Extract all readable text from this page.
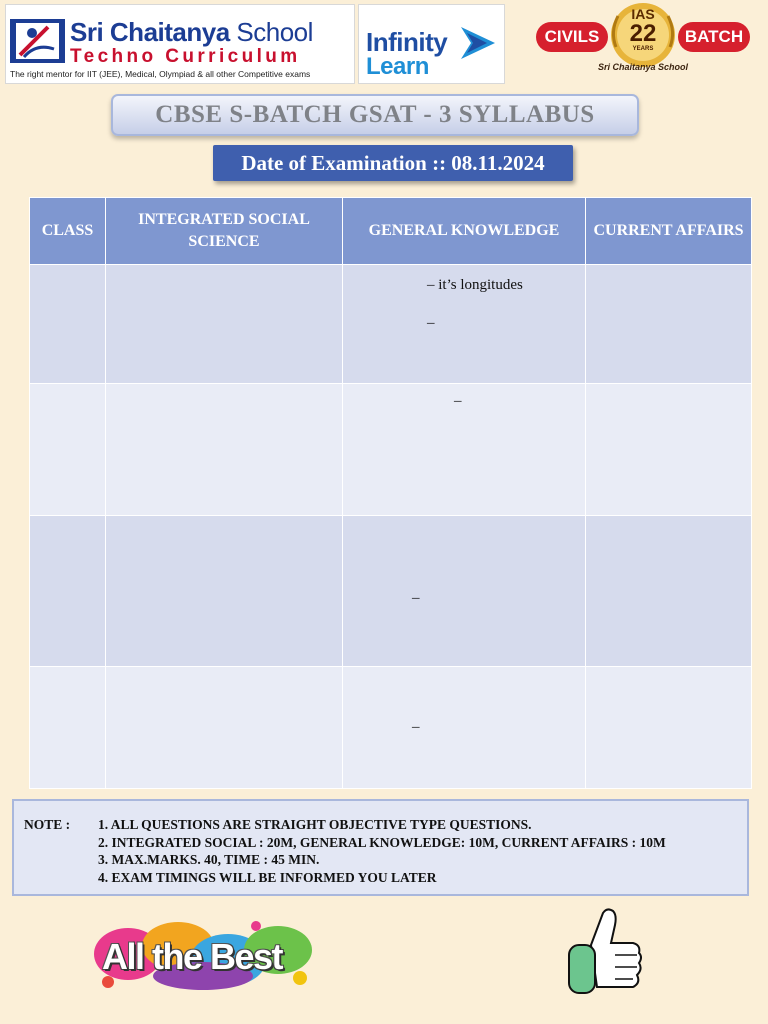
Sri Chaitanya School
Techno Curriculum
The right mentor for IIT (JEE), Medical, Olympiad & all other Competitive exams
Infinity
Learn
CIVILS	BATCH
IAS
22
YEARS
Sri Chaitanya School
CBSE S-BATCH GSAT - 3 SYLLABUS
Date of Examination :: 08.11.2024
CLASS	INTEGRATED SOCIAL SCIENCE	GENERAL KNOWLEDGE	CURRENT AFFAIRS

		– it’s longitudes
–	

		–	

		–	

		–	

NOTE :	1. ALL QUESTIONS ARE STRAIGHT OBJECTIVE TYPE QUESTIONS.
2. INTEGRATED SOCIAL : 20M, GENERAL KNOWLEDGE: 10M, CURRENT AFFAIRS : 10M
3. MAX.MARKS. 40, TIME : 45 MIN.
4. EXAM TIMINGS WILL BE INFORMED YOU LATER
All the Best
